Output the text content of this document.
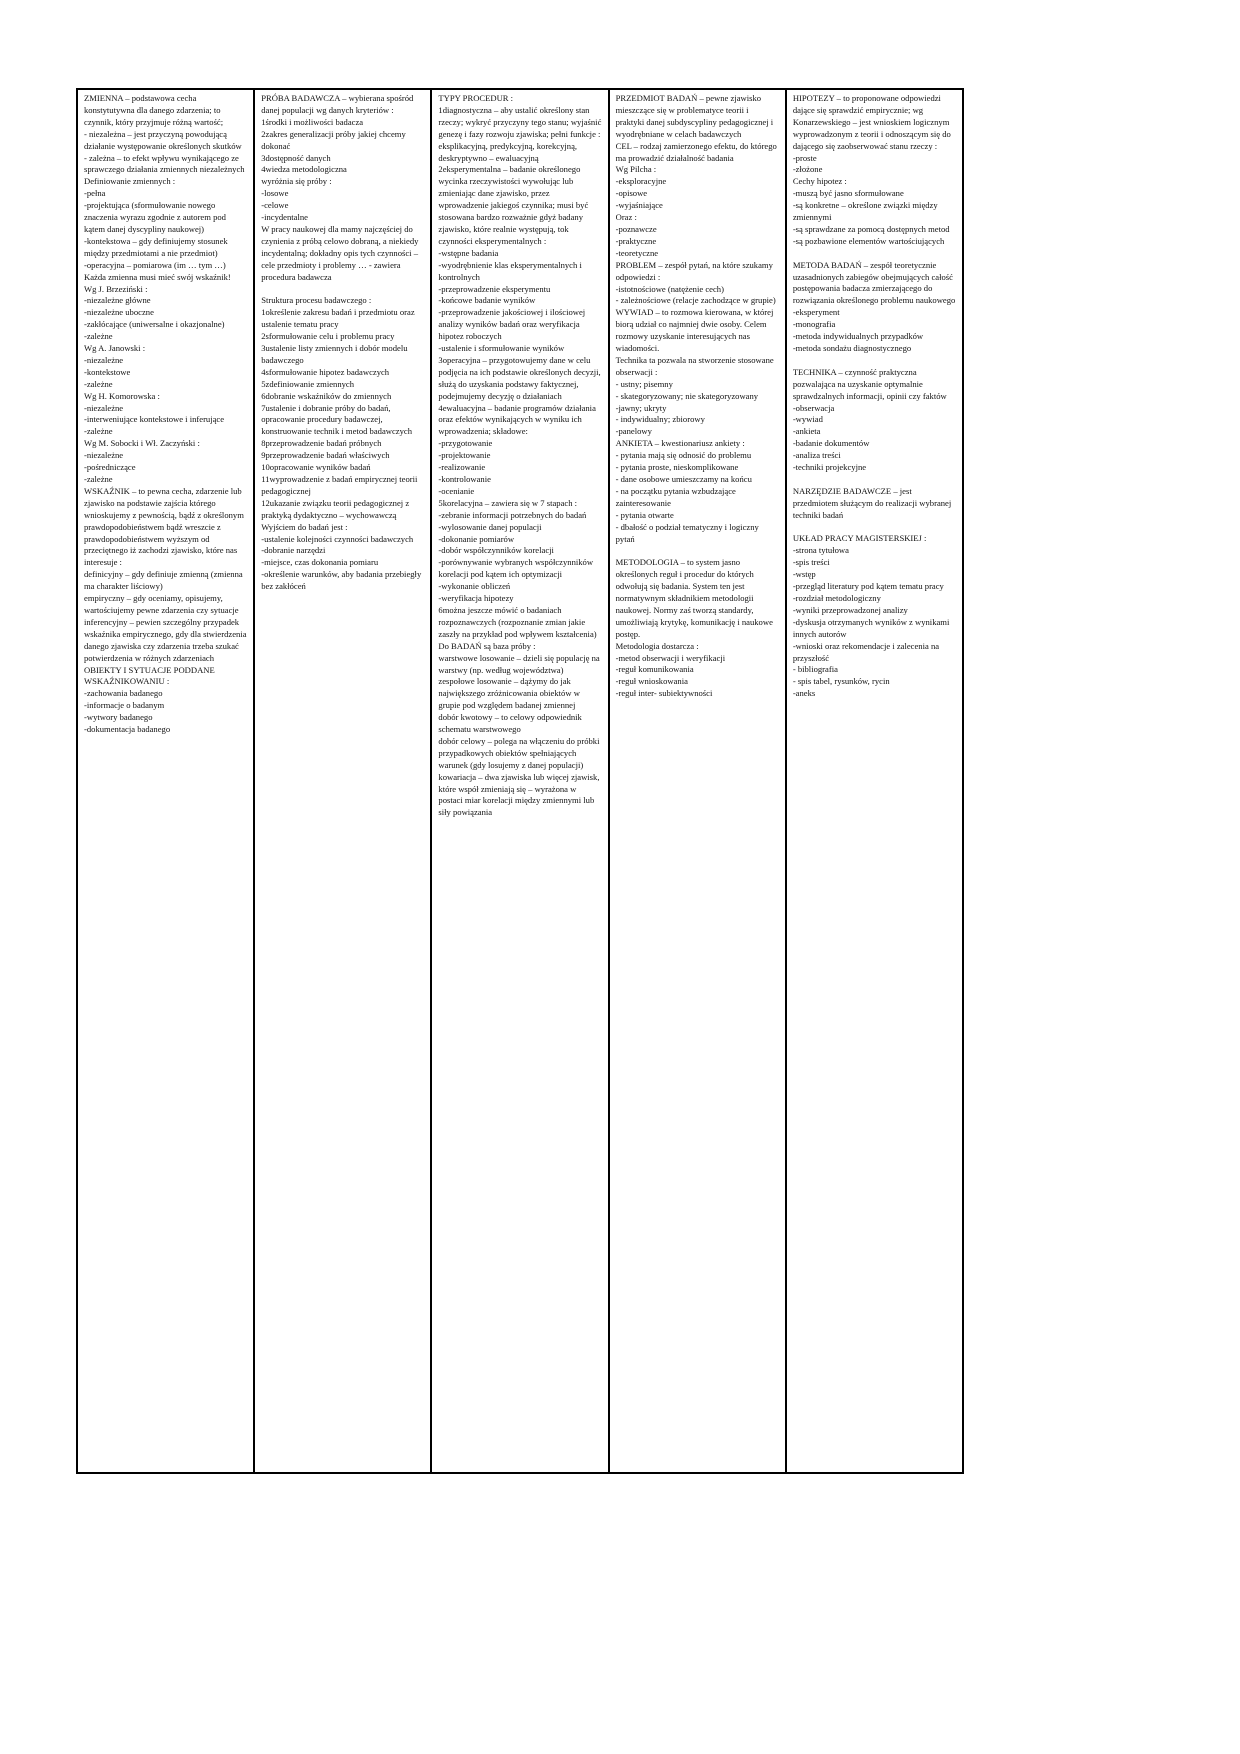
ZMIENNA – podstawowa cecha konstytutywna dla danego zdarzenia; to czynnik, który przyjmuje różną wartość;
- niezależna – jest przyczyną powodującą działanie występowanie określonych skutków
- zależna – to efekt wpływu wynikającego ze sprawczego działania zmiennych niezależnych
Definiowanie zmiennych :
-pełna
-projektująca (sformułowanie nowego znaczenia wyrazu zgodnie z autorem pod kątem danej dyscypliny naukowej)
-kontekstowa – gdy definiujemy stosunek między przedmiotami a nie przedmiot)
-operacyjna – pomiarowa (im … tym …)
Każda zmienna musi mieć swój wskaźnik!
Wg J. Brzeziński :
-niezależne główne
-niezależne uboczne
-zakłócające (uniwersalne i okazjonalne)
-zależne
Wg A. Janowski :
-niezależne
-kontekstowe
-zależne
Wg H. Komorowska :
-niezależne
-interweniujące kontekstowe i inferujące
-zależne
Wg M. Sobocki i Wł. Zaczyński :
-niezależne
-pośredniczące
-zależne
WSKAŹNIK – to pewna cecha, zdarzenie lub zjawisko na podstawie zajścia którego wnioskujemy z pewnością, bądź z określonym prawdopodobieństwem bądź wreszcie z prawdopodobieństwem wyższym od przeciętnego iż zachodzi zjawisko, które nas interesuje :
definicyjny – gdy definiuje zmienną (zmienna ma charakter liściowy)
empiryczny – gdy oceniamy, opisujemy, wartościujemy pewne zdarzenia czy sytuacje
inferencyjny – pewien szczególny przypadek wskaźnika empirycznego, gdy dla stwierdzenia danego zjawiska czy zdarzenia trzeba szukać potwierdzenia w różnych zdarzeniach
OBIEKTY I SYTUACJE PODDANE WSKAŹNIKOWANIU :
-zachowania badanego
-informacje o badanym
-wytwory badanego
-dokumentacja badanego
PRÓBA BADAWCZA – wybierana spośród danej populacji wg danych kryteriów :
1środki i możliwości badacza
2zakres generalizacji próby jakiej chcemy dokonać
3dostępność danych
4wiedza metodologiczna
wyróżnia się próby :
-losowe
-celowe
-incydentalne
W pracy naukowej dla mamy najczęściej do czynienia z próbą celowo dobraną, a niekiedy incydentalną; dokładny opis tych czynności – cele przedmioty i problemy … - zawiera procedura badawcza
Struktura procesu badawczego :
1określenie zakresu badań i przedmiotu oraz ustalenie tematu pracy
2sformułowanie celu i problemu pracy
3ustalenie listy zmiennych i dobór modelu badawczego
4sformułowanie hipotez badawczych
5zdefiniowanie zmiennych
6dobranie wskaźników do zmiennych
7ustalenie i dobranie próby do badań, opracowanie procedury badawczej, konstruowanie technik i metod badawczych
8przeprowadzenie badań próbnych
9przeprowadzenie badań właściwych
10opracowanie wyników badań
11wyprowadzenie z badań empirycznej teorii pedagogicznej
12ukazanie związku teorii pedagogicznej z praktyką dydaktyczno – wychowawczą
Wyjściem do badań jest :
-ustalenie kolejności czynności badawczych
-dobranie narzędzi
-miejsce, czas dokonania pomiaru
-określenie warunków, aby badania przebiegły bez zakłóceń
TYPY PROCEDUR :
1diagnostyczna – aby ustalić określony stan rzeczy; wykryć przyczyny tego stanu; wyjaśnić genezę i fazy rozwoju zjawiska; pełni funkcje : eksplikacyjną, predykcyjną, korekcyjną, deskryptywno – ewaluacyjną
2eksperymentalna – badanie określonego wycinka rzeczywistości wywołując lub zmieniając dane zjawisko, przez wprowadzenie jakiegoś czynnika; musi być stosowana bardzo rozważnie gdyż badany zjawisko, które realnie występują, tok czynności eksperymentalnych :
-wstępne badania
-wyodrębnienie klas eksperymentalnych i kontrolnych
-przeprowadzenie eksperymentu
-końcowe badanie wyników
-przeprowadzenie jakościowej i ilościowej analizy wyników badań oraz weryfikacja hipotez roboczych
-ustalenie i sformułowanie wyników
3operacyjna – przygotowujemy dane w celu podjęcia na ich podstawie określonych decyzji, służą do uzyskania podstawy faktycznej, podejmujemy decyzję o działaniach
4ewaluacyjna – badanie programów działania oraz efektów wynikających w wyniku ich wprowadzenia; składowe:
-przygotowanie
-projektowanie
-realizowanie
-kontrolowanie
-ocenianie
5korelacyjna – zawiera się w 7 stapach :
-zebranie informacji potrzebnych do badań
-wylosowanie danej populacji
-dokonanie pomiarów
-dobór współczynników korelacji
-porównywanie wybranych współczynników korelacji pod kątem ich optymizacji
-wykonanie obliczeń
-weryfikacja hipotezy
6można jeszcze mówić o badaniach rozpoznawczych (rozpoznanie zmian jakie zaszły na przykład pod wpływem kształcenia)
Do BADAŃ są baza próby :
warstwowe losowanie – dzieli się populację na warstwy (np. według województwa)
zespołowe losowanie – dążymy do jak największego zróżnicowania obiektów w grupie pod względem badanej zmiennej
dobór kwotowy – to celowy odpowiednik schematu warstwowego
dobór celowy – polega na włączeniu do próbki przypadkowych obiektów spełniających warunek (gdy losujemy z danej populacji)
kowariacja – dwa zjawiska lub więcej zjawisk, które współ zmieniają się – wyrażona w postaci miar korelacji między zmiennymi lub siły powiązania
PRZEDMIOT BADAŃ – pewne zjawisko mieszczące się w problematyce teorii i praktyki danej subdyscypliny pedagogicznej i wyodrębniane w celach badawczych
CEL – rodzaj zamierzonego efektu, do którego ma prowadzić działalność badania
Wg Pilcha :
-eksploracyjne
-opisowe
-wyjaśniające
Oraz :
-poznawcze
-praktyczne
-teoretyczne
PROBLEM – zespół pytań, na które szukamy odpowiedzi :
-istotnościowe (natężenie cech)
- zależnościowe (relacje zachodzące w grupie)
WYWIAD – to rozmowa kierowana, w której biorą udział co najmniej dwie osoby. Celem rozmowy uzyskanie interesujących nas wiadomości.
Technika ta pozwala na stworzenie stosowane obserwacji :
- ustny; pisemny
- skategoryzowany; nie skategoryzowany
-jawny; ukryty
- indywidualny; zbiorowy
-panelowy
ANKIETA – kwestionariusz ankiety :
- pytania mają się odnosić do problemu
- pytania proste, nieskomplikowane
- dane osobowe umieszczamy na końcu
- na początku pytania wzbudzające zainteresowanie
- pytania otwarte
- dbałość o podział tematyczny i logiczny pytań
METODOLOGIA – to system jasno określonych reguł i procedur do których odwołują się badania. System ten jest normatywnym składnikiem metodologii naukowej. Normy zaś tworzą standardy, umożliwiają krytykę, komunikację i naukowe postęp.
Metodologia dostarcza :
-metod obserwacji i weryfikacji
-reguł komunikowania
-reguł wnioskowania
-reguł inter- subiektywności
HIPOTEZY – to proponowane odpowiedzi dające się sprawdzić empirycznie; wg Konarzewskiego – jest wnioskiem logicznym wyprowadzonym z teorii i odnoszącym się do dającego się zaobserwować stanu rzeczy :
-proste
-złożone
Cechy hipotez :
-muszą być jasno sformułowane
-są konkretne – określone związki między zmiennymi
-są sprawdzane za pomocą dostępnych metod
-są pozbawione elementów wartościujących
METODA BADAŃ – zespół teoretycznie uzasadnionych zabiegów obejmujących całość postępowania badacza zmierzającego do rozwiązania określonego problemu naukowego
-eksperyment
-monografia
-metoda indywidualnych przypadków
-metoda sondażu diagnostycznego
TECHNIKA – czynność praktyczna pozwalająca na uzyskanie optymalnie sprawdzalnych informacji, opinii czy faktów
-obserwacja
-wywiad
-ankieta
-badanie dokumentów
-analiza treści
-techniki projekcyjne
NARZĘDZIE BADAWCZE – jest przedmiotem służącym do realizacji wybranej techniki badań
UKŁAD PRACY MAGISTERSKIEJ :
-strona tytułowa
-spis treści
-wstęp
-przegląd literatury pod kątem tematu pracy
-rozdział metodologiczny
-wyniki przeprowadzonej analizy
-dyskusja otrzymanych wyników z wynikami innych autorów
-wnioski oraz rekomendacje i zalecenia na przyszłość
- bibliografia
- spis tabel, rysunków, rycin
-aneks
